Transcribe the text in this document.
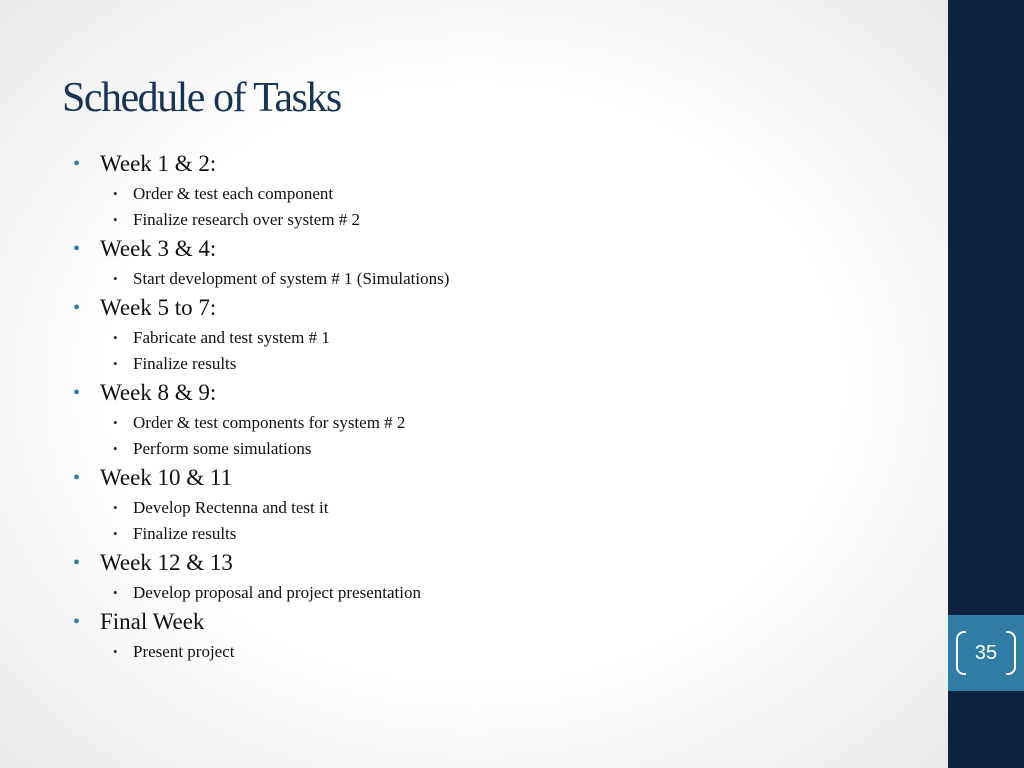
Schedule of Tasks
• Week 1 & 2:
• Order & test each component
• Finalize research over system # 2
• Week 3 & 4:
• Start development of system # 1 (Simulations)
• Week 5 to 7:
• Fabricate and test system # 1
• Finalize results
• Week 8 & 9:
• Order & test components for system # 2
• Perform some simulations
• Week 10 & 11
• Develop Rectenna and test it
• Finalize results
• Week 12 & 13
• Develop proposal and project presentation
• Final Week
• Present project	35
